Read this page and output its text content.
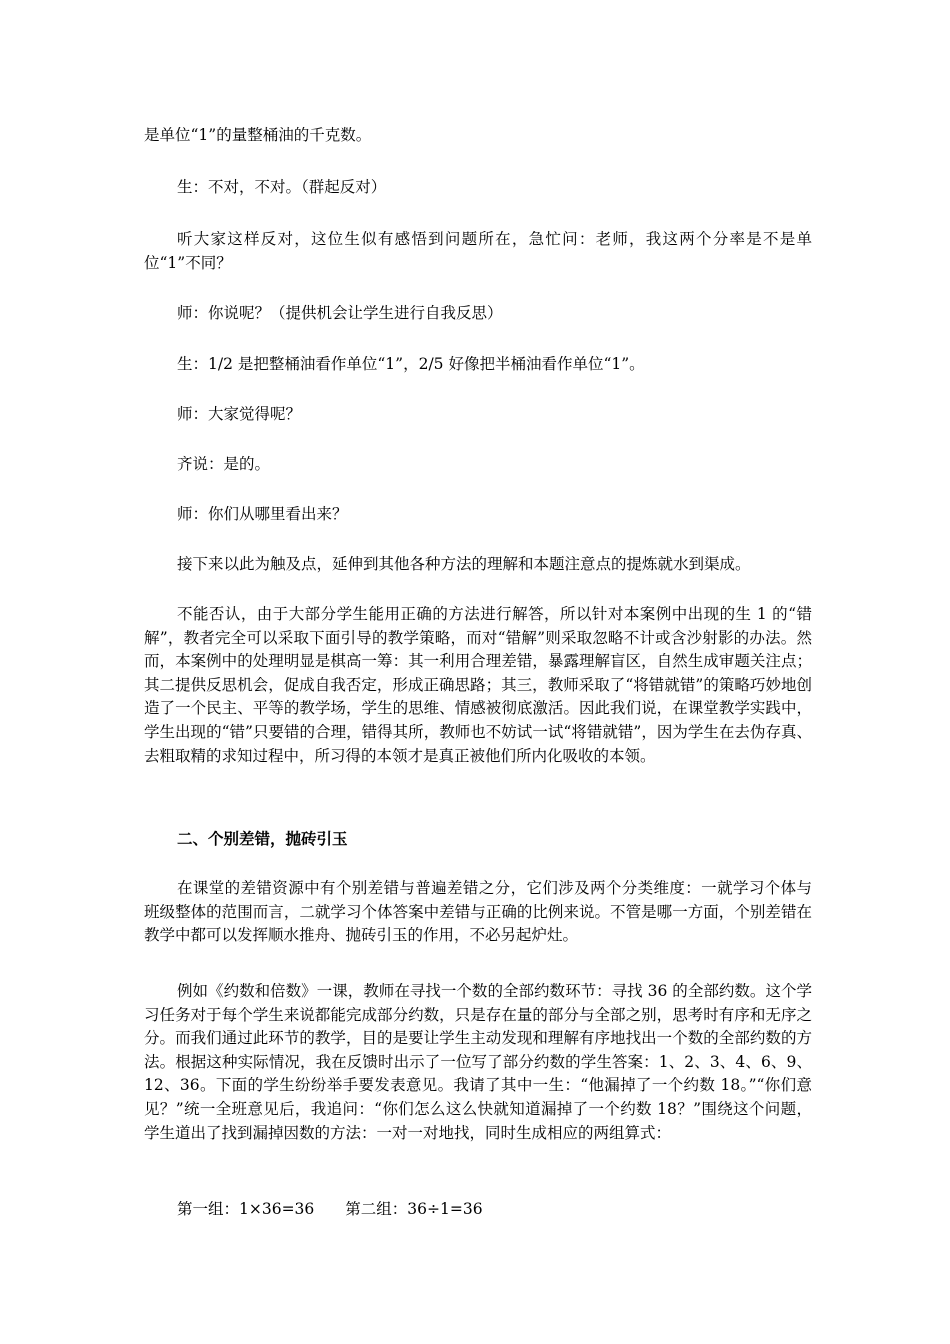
是单位“1”的量整桶油的千克数。

生：不对，不对。（群起反对）

听大家这样反对，这位生似有感悟到问题所在，急忙问：老师，我这两个分率是不是单位“1”不同？

师：你说呢？（提供机会让学生进行自我反思）

生：1/2 是把整桶油看作单位“1”，2/5 好像把半桶油看作单位“1”。

师：大家觉得呢？

齐说：是的。

师：你们从哪里看出来？

接下来以此为触及点，延伸到其他各种方法的理解和本题注意点的提炼就水到渠成。

不能否认，由于大部分学生能用正确的方法进行解答，所以针对本案例中出现的生 1 的“错解”，教者完全可以采取下面引导的教学策略，而对“错解”则采取忽略不计或含沙射影的办法。然而，本案例中的处理明显是棋高一筹：其一利用合理差错，暴露理解盲区，自然生成审题关注点；其二提供反思机会，促成自我否定，形成正确思路；其三，教师采取了“将错就错”的策略巧妙地创造了一个民主、平等的教学场，学生的思维、情感被彻底激活。因此我们说，在课堂教学实践中，学生出现的“错”只要错的合理，错得其所，教师也不妨试一试“将错就错”，因为学生在去伪存真、去粗取精的求知过程中，所习得的本领才是真正被他们所内化吸收的本领。

二、个别差错，抛砖引玉

在课堂的差错资源中有个别差错与普遍差错之分，它们涉及两个分类维度：一就学习个体与班级整体的范围而言，二就学习个体答案中差错与正确的比例来说。不管是哪一方面，个别差错在教学中都可以发挥顺水推舟、抛砖引玉的作用，不必另起炉灶。

例如《约数和倍数》一课，教师在寻找一个数的全部约数环节：寻找 36 的全部约数。这个学习任务对于每个学生来说都能完成部分约数，只是存在量的部分与全部之别，思考时有序和无序之分。而我们通过此环节的教学，目的是要让学生主动发现和理解有序地找出一个数的全部约数的方法。根据这种实际情况，我在反馈时出示了一位写了部分约数的学生答案：1、2、3、4、6、9、12、36。下面的学生纷纷举手要发表意见。我请了其中一生：“他漏掉了一个约数 18。”“你们意见？”统一全班意见后，我追问：“你们怎么这么快就知道漏掉了一个约数 18？”围绕这个问题，学生道出了找到漏掉因数的方法：一对一对地找，同时生成相应的两组算式：

第一组：1×36=36　　第二组：36÷1=36
